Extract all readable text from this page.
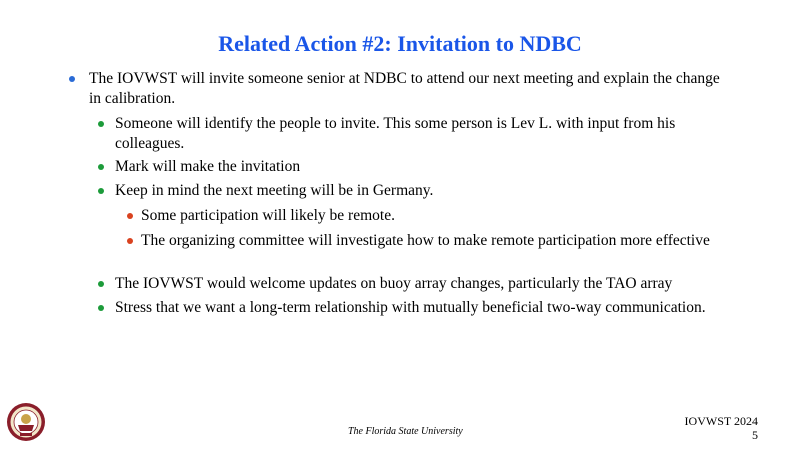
Related Action #2: Invitation to NDBC
The IOVWST will invite someone senior at NDBC to attend our next meeting and explain the change in calibration.
Someone will identify the people to invite. This some person is Lev L. with input from his colleagues.
Mark will make the invitation
Keep in mind the next meeting will be in Germany.
Some participation will likely be remote.
The organizing committee will investigate how to make remote participation more effective
The IOVWST would welcome updates on buoy array changes, particularly the TAO array
Stress that we want a long-term relationship with mutually beneficial two-way communication.
The Florida State University
IOVWST 2024
5
